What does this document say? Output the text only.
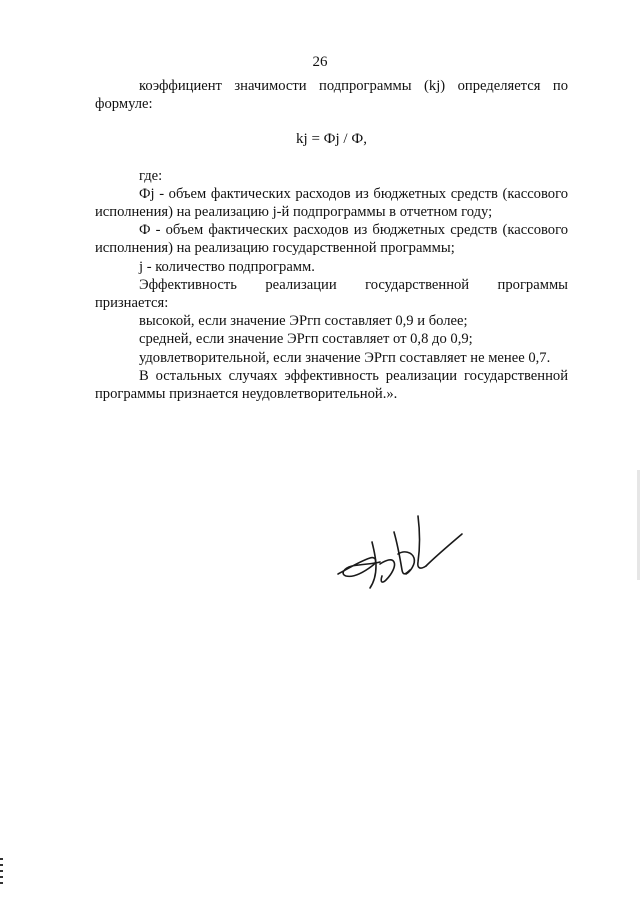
26

коэффициент значимости подпрограммы (kj) определяется по формуле:

kj = Фj / Ф,

где:

Фj - объем фактических расходов из бюджетных средств (кассового исполнения) на реализацию j-й подпрограммы в отчетном году;

Ф - объем фактических расходов из бюджетных средств (кассового исполнения) на реализацию государственной программы;

j - количество подпрограмм.

Эффективность реализации государственной программы признается:

высокой, если значение ЭРгп составляет 0,9 и более;

средней, если значение ЭРгп составляет от 0,8 до 0,9;

удовлетворительной, если значение ЭРгп составляет не менее 0,7.

В остальных случаях эффективность реализации государственной программы признается неудовлетворительной.».
